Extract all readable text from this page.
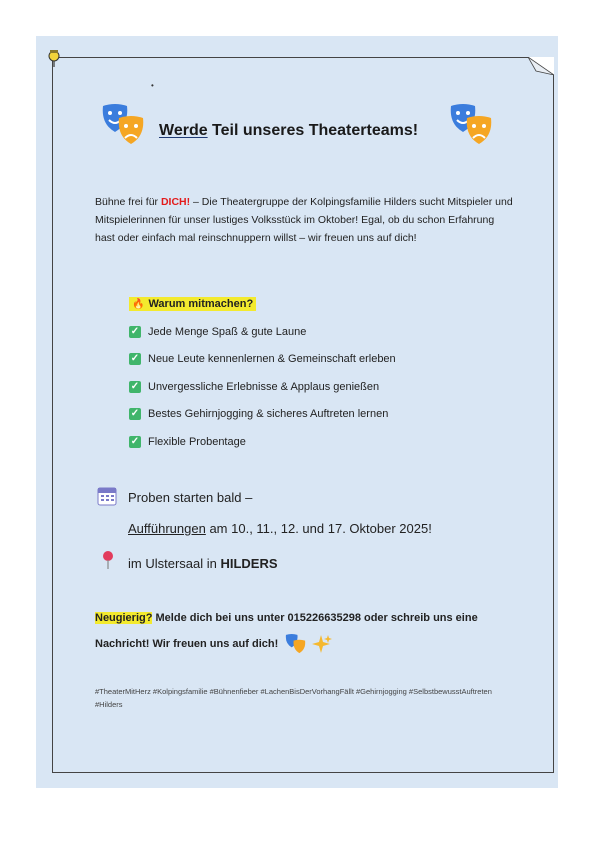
•
Werde Teil unseres Theaterteams!
Bühne frei für DICH! – Die Theatergruppe der Kolpingsfamilie Hilders sucht Mitspieler und Mitspielerinnen für unser lustiges Volksstück im Oktober! Egal, ob du schon Erfahrung hast oder einfach mal reinschnuppern willst – wir freuen uns auf dich!
🔥 Warum mitmachen?
✓ Jede Menge Spaß & gute Laune
✓ Neue Leute kennenlernen & Gemeinschaft erleben
✓ Unvergessliche Erlebnisse & Applaus genießen
✓ Bestes Gehirnjogging & sicheres Auftreten lernen
✓ Flexible Probentage
Proben starten bald –
Aufführungen am 10., 11., 12. und 17. Oktober 2025!
im Ulstersaal in HILDERS
Neugierig? Melde dich bei uns unter 015226635298 oder schreib uns eine Nachricht! Wir freuen uns auf dich!
#TheaterMitHerz #Kolpingsfamilie #Bühnenfieber #LachenBisDerVorhangFällt #Gehirnjogging #SelbstbewusstAuftreten #Hilders
